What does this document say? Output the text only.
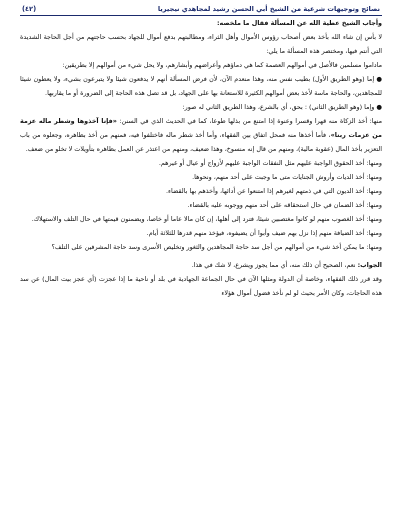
نصائح وتوجيهات شرعية من الشيخ أبي الحسن رشيد لمجاهدي نيجيريا
(٤٢)

وأجاب الشيخ عطية الله عن المسألة فقال ما ملخصه:

لا بأس إن شاء الله بأخذ بعض أصحاب رؤوس الأموال وأهل الثراء، ومطالبتهم بدفع أموال للجهاد بحسب حاجتهم من أجل الحاجة الشديدة التي أنتم فيها، ومختصر هذه المسألة ما يلي:

ماداموا مسلمين فالأصل في أموالهم العصمة كما هي دماؤهم وأعراضهم وأبشارهم، ولا يحل شيء من أموالهم إلا بطريقين:

● إما (وهو الطريق الأول) بطيب نفس منه، وهذا منعدم الآن، لأن فرض المسألة أنهم لا يدفعون شيئا ولا يتبرعون بشيء، ولا يعطون شيئا للمجاهدين، والحاجة ماسة لأخذ بعض أموالهم الكثيرة للاستعانة بها على الجهاد، بل قد تصل هذه الحاجة إلى الضرورة أو ما يقاربها.

● وإما (وهو الطريق الثاني) : بحق، أي بالشرع، وهذا الطريق الثاني له صور:

منها: أخذ الزكاة منه قهرا وقسرا وعنوة إذا امتنع من بذلها طوعا، كما في الحديث الذي في السنن: «فإنا آخذوها وشطر ماله عزمة من عزمات ربنا»، فأما أخذها منه فمحل اتفاق بين الفقهاء، وأما أخذ شطر ماله فاختلفوا فيه، فمنهم من أخذ بظاهره، وجعلوه من باب التعزير بأخذ المال (عقوبة مالية)، ومنهم من قال إنه منسوخ، وهذا ضعيف، ومنهم من اعتذر عن العمل بظاهره بتأويلات لا تخلو من ضعف.

ومنها: أخذ الحقوق الواجبة عليهم مثل النفقات الواجبة عليهم لأزواج أو عيال أو غيرهم.

ومنها: أخذ الديات وأروش الجنايات متى ما وجبت على أحد منهم، ونحوها.

ومنها: أخذ الديون التي في ذمتهم لغيرهم إذا امتنعوا عن أدائها، وأخذهم بها بالقضاء.

ومنها: أخذ الضمان في حال استحقاقه على أحد منهم ووجوبه عليه بالقضاء.

ومنها: أخذ الغصوب منهم لو كانوا مغتصبين شيئا، فترد إلى أهلها، إن كان مالا عاما أو خاصا، ويضمنون قيمتها في حال التلف والاستهلاك.

ومنها: أخذ الضيافة منهم إذا نزل بهم ضيف وأبوا أن يضيفوه، فيؤخذ منهم قدرها للثلاثة أيام.

ومنها: ما يمكن أخذ شيء من أموالهم من أجل سد حاجة المجاهدين والثغور وتخليص الأسرى وسد حاجة المشرفين على التلف؟

الجواب: نعم، الصحيح أن ذلك منه، أي مما يجوز ويشرع، لا شك في هذا.

وقد قرر ذلك الفقهاء، وخاصة أن الدولة ومثلها الآن في حال الجماعة الجهادية في بلد أو ناحية ما إذا عجزت (أي عجز بيت المال) عن سد هذه الحاجات، وكان الأمر بحيث لو لم نأخذ فضول أموال هؤلاء
